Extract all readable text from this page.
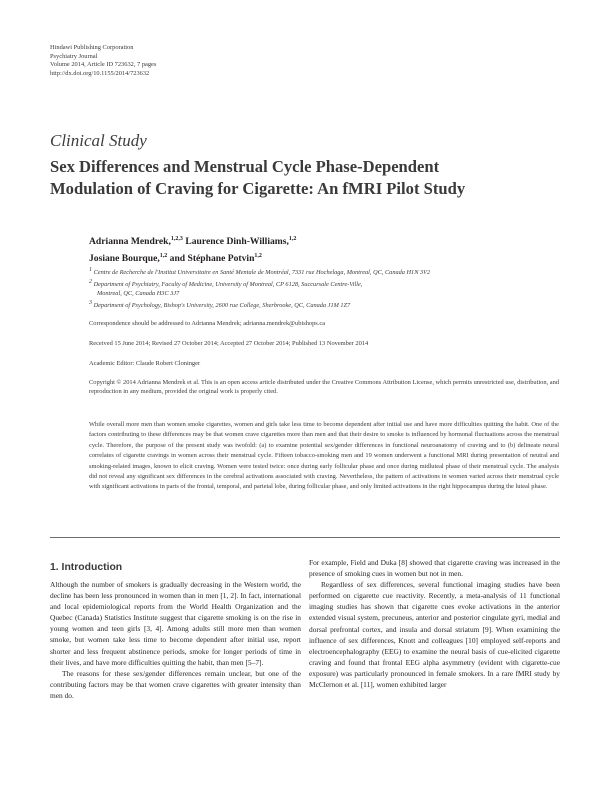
Hindawi Publishing Corporation
Psychiatry Journal
Volume 2014, Article ID 723632, 7 pages
http://dx.doi.org/10.1155/2014/723632
Clinical Study
Sex Differences and Menstrual Cycle Phase-Dependent
Modulation of Craving for Cigarette: An fMRI Pilot Study
Adrianna Mendrek,$^{1,2,3}$ Laurence Dinh-Williams,$^{1,2}$
Josiane Bourque,$^{1,2}$ and Stéphane Potvin$^{1,2}$
$^1$ Centre de Recherche de l'Institut Universitaire en Santé Mentale de Montréal, 7331 rue Hochelaga, Montreal, QC, Canada H1N 3V2
$^2$ Department of Psychiatry, Faculty of Medicine, University of Montreal, CP 6128, Succursale Centre-Ville,
Montreal, QC, Canada H3C 3J7
$^3$ Department of Psychology, Bishop's University, 2600 rue College, Sherbrooke, QC, Canada J1M 1Z7
Correspondence should be addressed to Adrianna Mendrek; adrianna.mendrek@ubishops.ca
Received 15 June 2014; Revised 27 October 2014; Accepted 27 October 2014; Published 13 November 2014
Academic Editor: Claude Robert Cloninger
Copyright © 2014 Adrianna Mendrek et al. This is an open access article distributed under the Creative Commons Attribution License, which permits unrestricted use, distribution, and reproduction in any medium, provided the original work is properly cited.
While overall more men than women smoke cigarettes, women and girls take less time to become dependent after initial use and have more difficulties quitting the habit. One of the factors contributing to these differences may be that women crave cigarettes more than men and that their desire to smoke is influenced by hormonal fluctuations across the menstrual cycle. Therefore, the purpose of the present study was twofold: (a) to examine potential sex/gender differences in functional neuroanatomy of craving and to (b) delineate neural correlates of cigarette cravings in women across their menstrual cycle. Fifteen tobacco-smoking men and 19 women underwent a functional MRI during presentation of neutral and smoking-related images, known to elicit craving. Women were tested twice: once during early follicular phase and once during midluteal phase of their menstrual cycle. The analysis did not reveal any significant sex differences in the cerebral activations associated with craving. Nevertheless, the pattern of activations in women varied across their menstrual cycle with significant activations in parts of the frontal, temporal, and parietal lobe, during follicular phase, and only limited activations in the right hippocampus during the luteal phase.
1. Introduction

Although the number of smokers is gradually decreasing in the Western world, the decline has been less pronounced in women than in men [1, 2]. In fact, international and local epidemiological reports from the World Health Organization and the Quebec (Canada) Statistics Institute suggest that cigarette smoking is on the rise in young women and teen girls [3, 4]. Among adults still more men than women smoke, but women take less time to become dependent after initial use, report shorter and less frequent abstinence periods, smoke for longer periods of time in their lives, and have more difficulties quitting the habit, than men [5–7].

The reasons for these sex/gender differences remain unclear, but one of the contributing factors may be that women crave cigarettes with greater intensity than men do.

For example, Field and Duka [8] showed that cigarette craving was increased in the presence of smoking cues in women but not in men.

Regardless of sex differences, several functional imaging studies have been performed on cigarette cue reactivity. Recently, a meta-analysis of 11 functional imaging studies has shown that cigarette cues evoke activations in the anterior extended visual system, precuneus, anterior and posterior cingulate gyri, medial and dorsal prefrontal cortex, and insula and dorsal striatum [9]. When examining the influence of sex differences, Knott and colleagues [10] employed self-reports and electroencephalography (EEG) to examine the neural basis of cue-elicited cigarette craving and found that frontal EEG alpha asymmetry (evident with cigarette-cue exposure) was particularly pronounced in female smokers. In a rare fMRI study by McClernon et al. [11], women exhibited larger
